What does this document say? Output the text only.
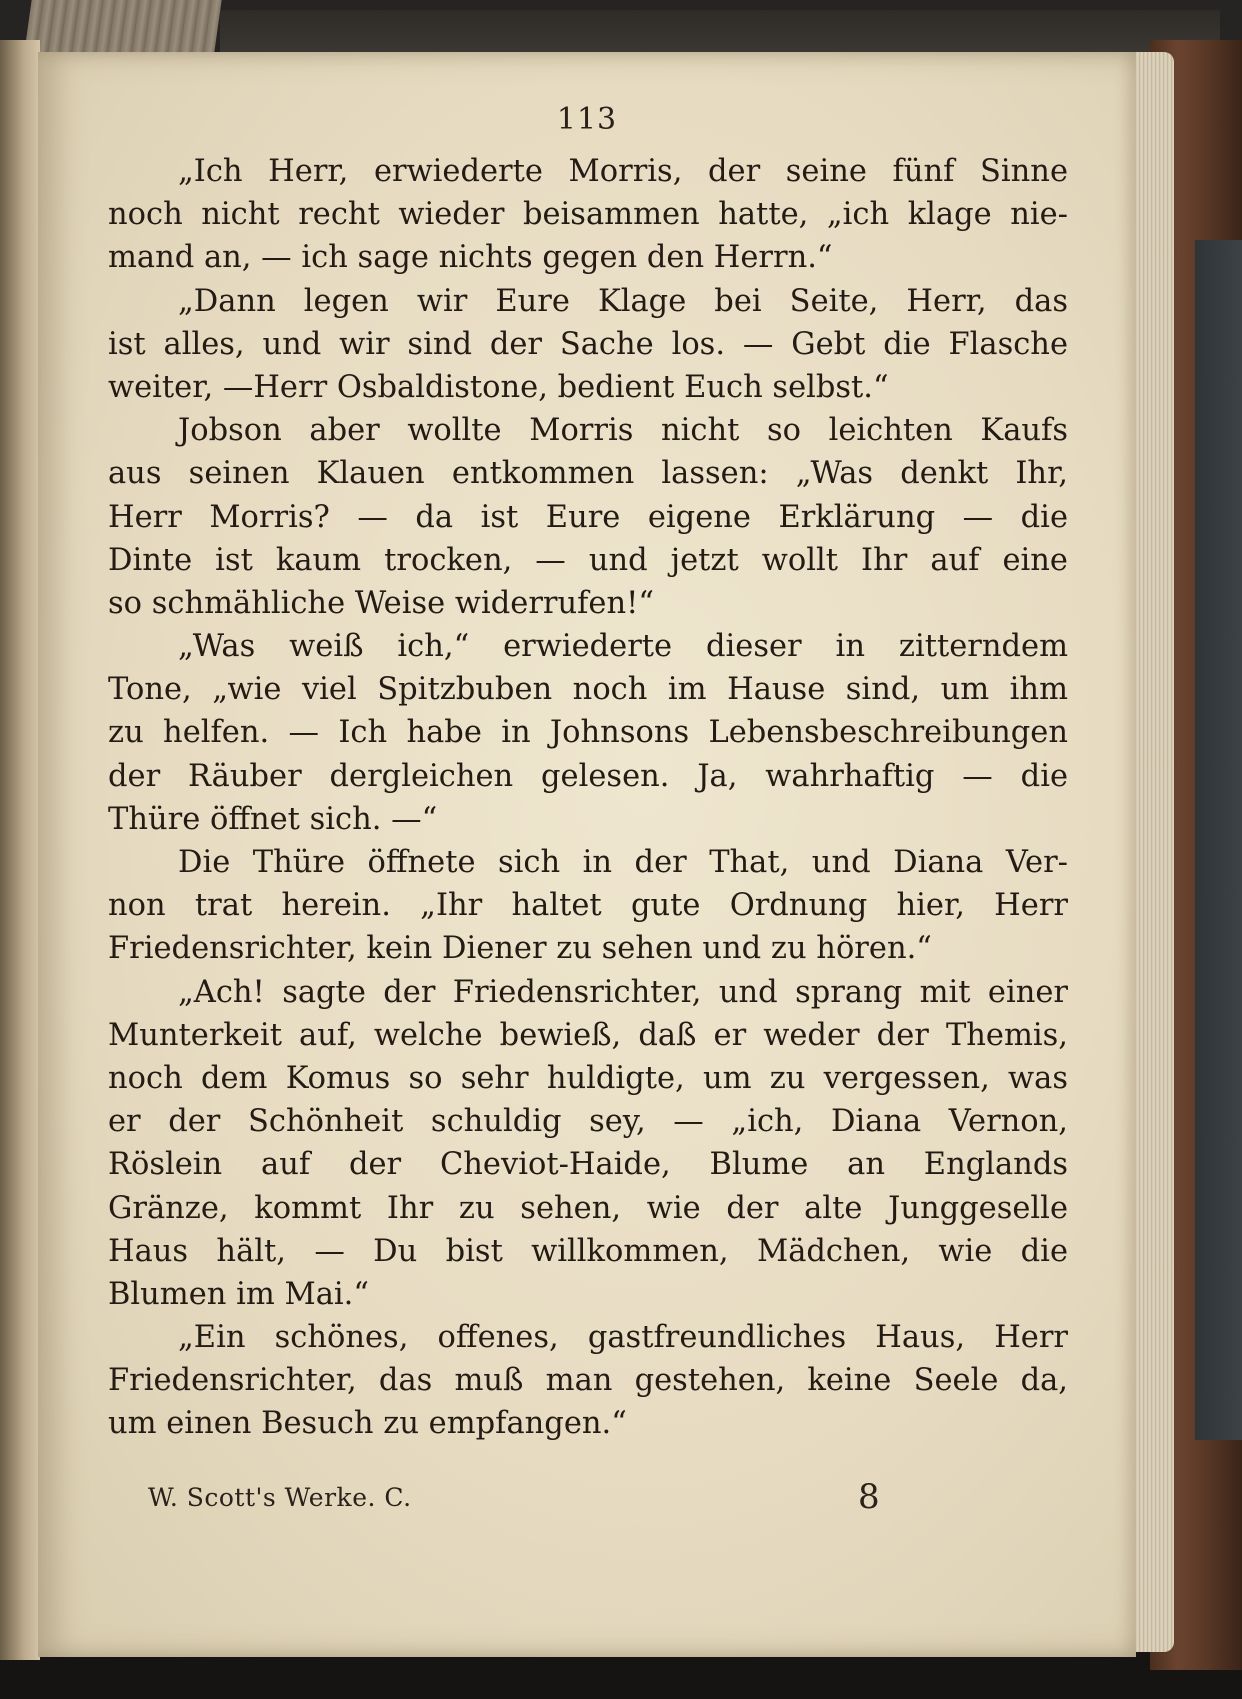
113
„Ich Herr, erwiederte Morris, der seine fünf Sinne
noch nicht recht wieder beisammen hatte, „ich klage nie-
mand an, — ich sage nichts gegen den Herrn.“
„Dann legen wir Eure Klage bei Seite, Herr, das
ist alles, und wir sind der Sache los. — Gebt die Flasche
weiter, —Herr Osbaldistone, bedient Euch selbst.“
Jobson aber wollte Morris nicht so leichten Kaufs
aus seinen Klauen entkommen lassen: „Was denkt Ihr,
Herr Morris? — da ist Eure eigene Erklärung — die
Dinte ist kaum trocken, — und jetzt wollt Ihr auf eine
so schmähliche Weise widerrufen!“
„Was weiß ich,“ erwiederte dieser in zitterndem
Tone, „wie viel Spitzbuben noch im Hause sind, um ihm
zu helfen. — Ich habe in Johnsons Lebensbeschreibungen
der Räuber dergleichen gelesen. Ja, wahrhaftig — die
Thüre öffnet sich. —“
Die Thüre öffnete sich in der That, und Diana Ver-
non trat herein. „Ihr haltet gute Ordnung hier, Herr
Friedensrichter, kein Diener zu sehen und zu hören.“
„Ach! sagte der Friedensrichter, und sprang mit einer
Munterkeit auf, welche bewieß, daß er weder der Themis,
noch dem Komus so sehr huldigte, um zu vergessen, was
er der Schönheit schuldig sey, — „ich, Diana Vernon,
Röslein auf der Cheviot-Haide, Blume an Englands
Gränze, kommt Ihr zu sehen, wie der alte Junggeselle
Haus hält, — Du bist willkommen, Mädchen, wie die
Blumen im Mai.“
„Ein schönes, offenes, gastfreundliches Haus, Herr
Friedensrichter, das muß man gestehen, keine Seele da,
um einen Besuch zu empfangen.“
W. Scott's Werke. C.	8
